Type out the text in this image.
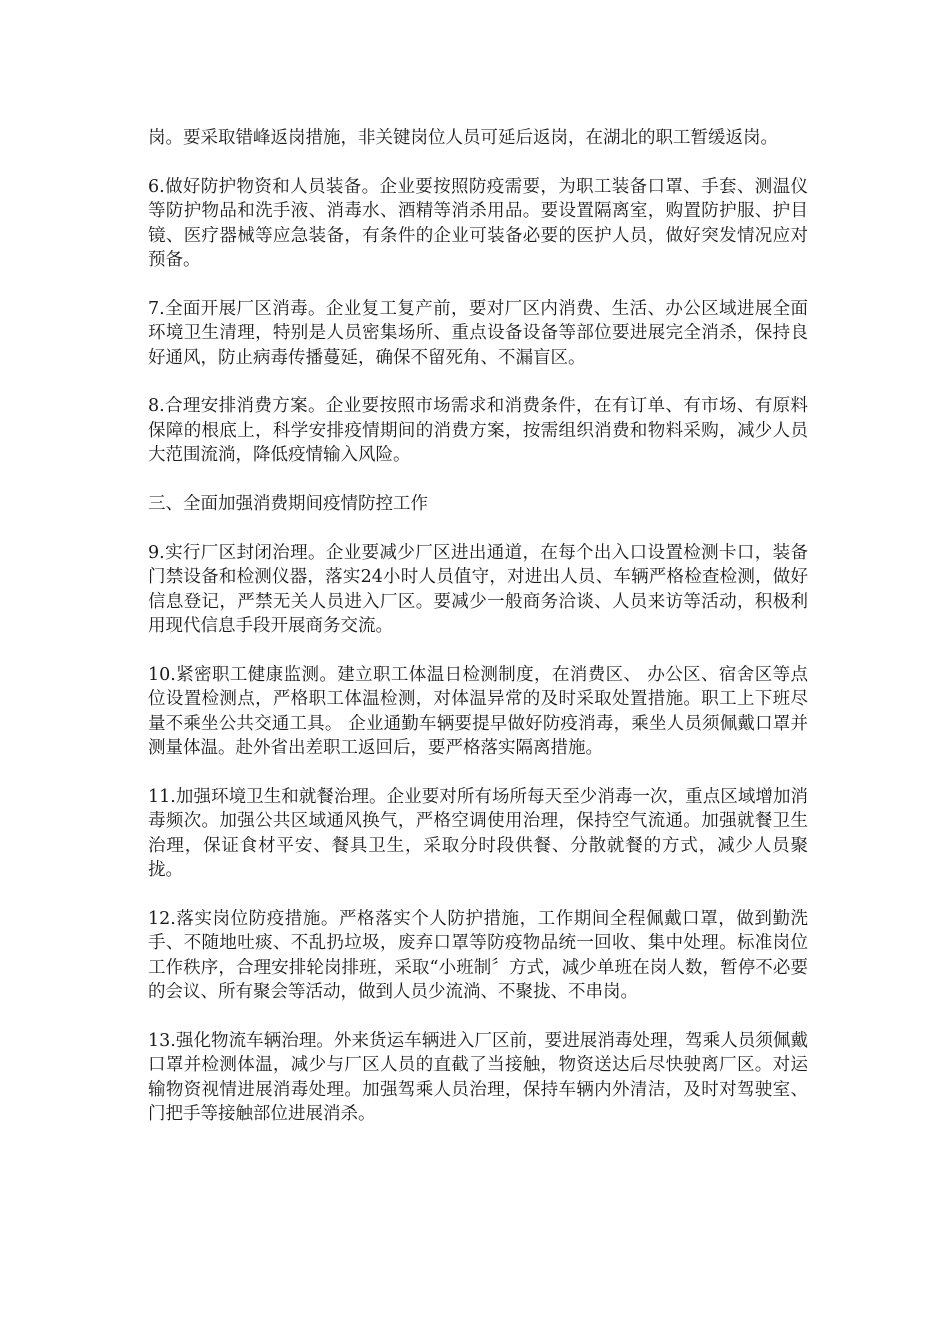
岗。要采取错峰返岗措施，非关键岗位人员可延后返岗，在湖北的职工暂缓返岗。

6.做好防护物资和人员装备。企业要按照防疫需要，为职工装备口罩、手套、测温仪等防护物品和洗手液、消毒水、酒精等消杀用品。要设置隔离室，购置防护服、护目镜、医疗器械等应急装备，有条件的企业可装备必要的医护人员，做好突发情况应对预备。

7.全面开展厂区消毒。企业复工复产前，要对厂区内消费、生活、办公区域进展全面环境卫生清理，特别是人员密集场所、重点设备设备等部位要进展完全消杀，保持良好通风，防止病毒传播蔓延，确保不留死角、不漏盲区。

8.合理安排消费方案。企业要按照市场需求和消费条件，在有订单、有市场、有原料保障的根底上，科学安排疫情期间的消费方案，按需组织消费和物料采购，减少人员大范围流淌，降低疫情输入风险。

三、全面加强消费期间疫情防控工作

9.实行厂区封闭治理。企业要减少厂区进出通道，在每个出入口设置检测卡口，装备门禁设备和检测仪器，落实24小时人员值守，对进出人员、车辆严格检查检测，做好信息登记，严禁无关人员进入厂区。要减少一般商务洽谈、人员来访等活动，积极利用现代信息手段开展商务交流。

10.紧密职工健康监测。建立职工体温日检测制度，在消费区、 办公区、宿舍区等点位设置检测点，严格职工体温检测，对体温异常的及时采取处置措施。职工上下班尽量不乘坐公共交通工具。 企业通勤车辆要提早做好防疫消毒，乘坐人员须佩戴口罩并测量体温。赴外省出差职工返回后，要严格落实隔离措施。

11.加强环境卫生和就餐治理。企业要对所有场所每天至少消毒一次，重点区域增加消毒频次。加强公共区域通风换气，严格空调使用治理，保持空气流通。加强就餐卫生治理，保证食材平安、餐具卫生，采取分时段供餐、分散就餐的方式，减少人员聚拢。

12.落实岗位防疫措施。严格落实个人防护措施，工作期间全程佩戴口罩，做到勤洗手、不随地吐痰、不乱扔垃圾，废弃口罩等防疫物品统一回收、集中处理。标准岗位工作秩序，合理安排轮岗排班，采取“小班制〞方式，减少单班在岗人数，暂停不必要的会议、所有聚会等活动，做到人员少流淌、不聚拢、不串岗。

13.强化物流车辆治理。外来货运车辆进入厂区前，要进展消毒处理，驾乘人员须佩戴口罩并检测体温，减少与厂区人员的直截了当接触，物资送达后尽快驶离厂区。对运输物资视情进展消毒处理。加强驾乘人员治理，保持车辆内外清洁，及时对驾驶室、门把手等接触部位进展消杀。
